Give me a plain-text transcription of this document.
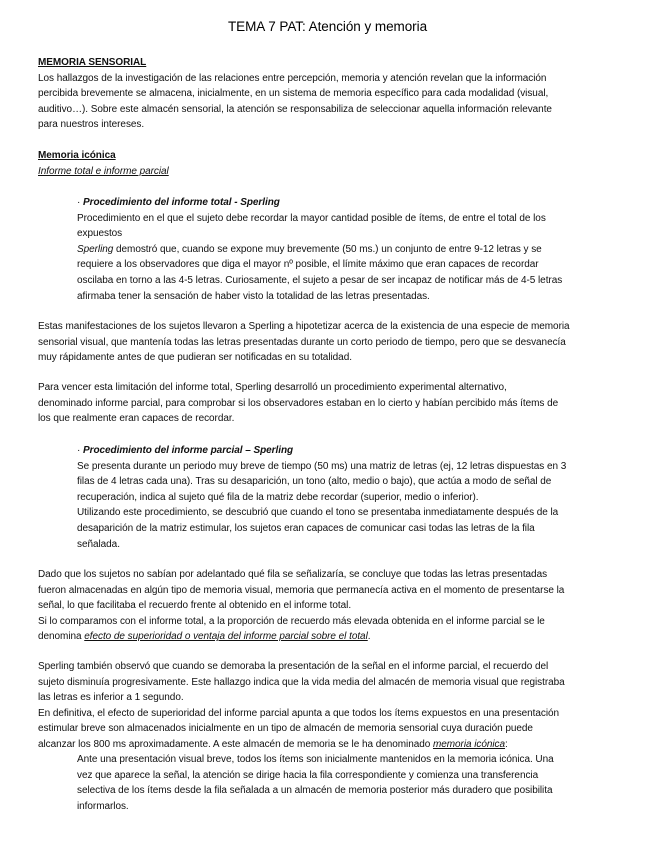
TEMA 7 PAT: Atención y memoria
MEMORIA SENSORIAL
Los hallazgos de la investigación de las relaciones entre percepción, memoria y atención revelan que la información
percibida brevemente se almacena, inicialmente, en un sistema de memoria específico para cada modalidad (visual,
auditivo…). Sobre este almacén sensorial, la atención se responsabiliza de seleccionar aquella información relevante
para nuestros intereses.
Memoria icónica
Informe total e informe parcial
· Procedimiento del informe total - Sperling
Procedimiento en el que el sujeto debe recordar la mayor cantidad posible de ítems, de entre el total de los
expuestos
Sperling demostró que, cuando se expone muy brevemente (50 ms.) un conjunto de entre 9-12 letras y se
requiere a los observadores que diga el mayor nº posible, el límite máximo que eran capaces de recordar
oscilaba en torno a las 4-5 letras. Curiosamente, el sujeto a pesar de ser incapaz de notificar más de 4-5 letras
afirmaba tener la sensación de haber visto la totalidad de las letras presentadas.
Estas manifestaciones de los sujetos llevaron a Sperling a hipotetizar acerca de la existencia de una especie de memoria
sensorial visual, que mantenía todas las letras presentadas durante un corto periodo de tiempo, pero que se desvanecía
muy rápidamente antes de que pudieran ser notificadas en su totalidad.
Para vencer esta limitación del informe total, Sperling desarrolló un procedimiento experimental alternativo,
denominado informe parcial, para comprobar si los observadores estaban en lo cierto y habían percibido más ítems de
los que realmente eran capaces de recordar.
· Procedimiento del informe parcial – Sperling
Se presenta durante un periodo muy breve de tiempo (50 ms) una matriz de letras (ej, 12 letras dispuestas en 3
filas de 4 letras cada una). Tras su desaparición, un tono (alto, medio o bajo), que actúa a modo de señal de
recuperación, indica al sujeto qué fila de la matriz debe recordar (superior, medio o inferior).
Utilizando este procedimiento, se descubrió que cuando el tono se presentaba inmediatamente después de la
desaparición de la matriz estimular, los sujetos eran capaces de comunicar casi todas las letras de la fila
señalada.
Dado que los sujetos no sabían por adelantado qué fila se señalizaría, se concluye que todas las letras presentadas
fueron almacenadas en algún tipo de memoria visual, memoria que permanecía activa en el momento de presentarse la
señal, lo que facilitaba el recuerdo frente al obtenido en el informe total.
Si lo comparamos con el informe total, a la proporción de recuerdo más elevada obtenida en el informe parcial se le
denomina efecto de superioridad o ventaja del informe parcial sobre el total.
Sperling también observó que cuando se demoraba la presentación de la señal en el informe parcial, el recuerdo del
sujeto disminuía progresivamente. Este hallazgo indica que la vida media del almacén de memoria visual que registraba
las letras es inferior a 1 segundo.
En definitiva, el efecto de superioridad del informe parcial apunta a que todos los ítems expuestos en una presentación
estimular breve son almacenados inicialmente en un tipo de almacén de memoria sensorial cuya duración puede
alcanzar los 800 ms aproximadamente. A este almacén de memoria se le ha denominado memoria icónica:
Ante una presentación visual breve, todos los ítems son inicialmente mantenidos en la memoria icónica. Una
vez que aparece la señal, la atención se dirige hacia la fila correspondiente y comienza una transferencia
selectiva de los ítems desde la fila señalada a un almacén de memoria posterior más duradero que posibilita
informarlos.
